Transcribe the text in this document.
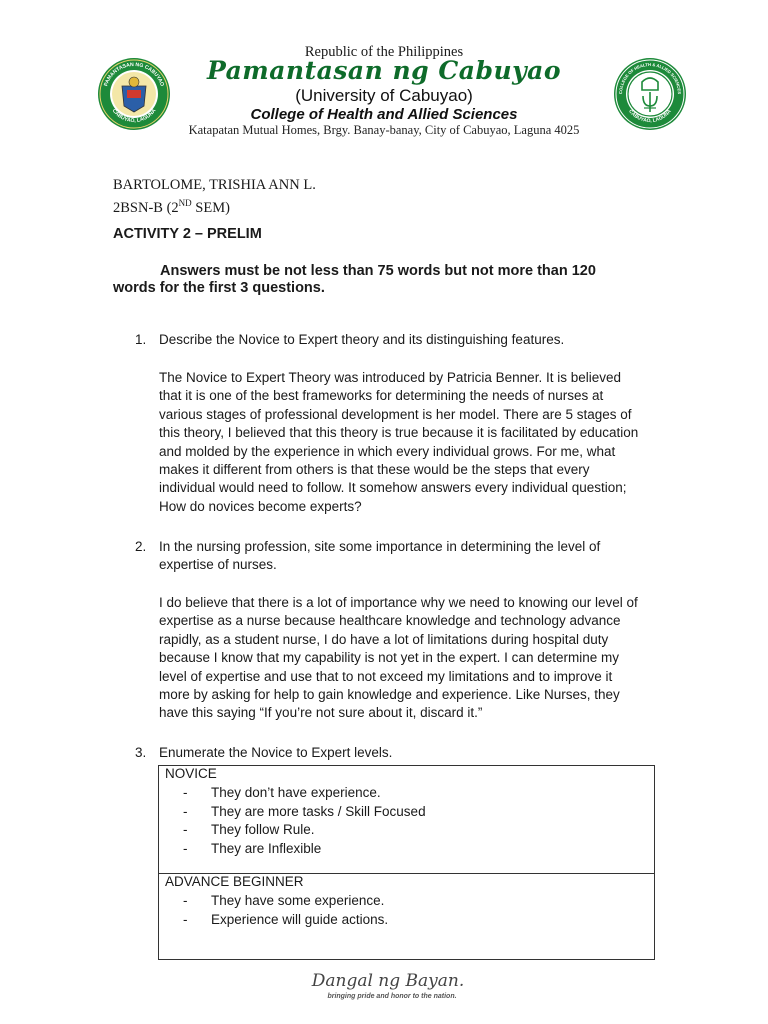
PAMANTASAN NG CABUYAO
CABUYAO, LAGUNA
COLLEGE OF HEALTH & ALLIED SCIENCES
CABUYAO, LAGUNA
Republic of the Philippines
Pamantasan ng Cabuyao
(University of Cabuyao)
College of Health and Allied Sciences
Katapatan Mutual Homes, Brgy. Banay-banay, City of Cabuyao, Laguna 4025
BARTOLOME, TRISHIA ANN L.
2BSN-B (2ND SEM)
ACTIVITY 2 – PRELIM
Answers must be not less than 75 words but not more than 120
words for the first 3 questions.
1. Describe the Novice to Expert theory and its distinguishing features.
The Novice to Expert Theory was introduced by Patricia Benner. It is believed
that it is one of the best frameworks for determining the needs of nurses at
various stages of professional development is her model. There are 5 stages of
this theory, I believed that this theory is true because it is facilitated by education
and molded by the experience in which every individual grows. For me, what
makes it different from others is that these would be the steps that every
individual would need to follow. It somehow answers every individual question;
How do novices become experts?
2. In the nursing profession, site some importance in determining the level of
expertise of nurses.
I do believe that there is a lot of importance why we need to knowing our level of
expertise as a nurse because healthcare knowledge and technology advance
rapidly, as a student nurse, I do have a lot of limitations during hospital duty
because I know that my capability is not yet in the expert. I can determine my
level of expertise and use that to not exceed my limitations and to improve it
more by asking for help to gain knowledge and experience. Like Nurses, they
have this saying “If you’re not sure about it, discard it.”
3. Enumerate the Novice to Expert levels.
NOVICE
- They don’t have experience.
- They are more tasks / Skill Focused
- They follow Rule.
- They are Inflexible
ADVANCE BEGINNER
- They have some experience.
- Experience will guide actions.
Dangal ng Bayan.
bringing pride and honor to the nation.
